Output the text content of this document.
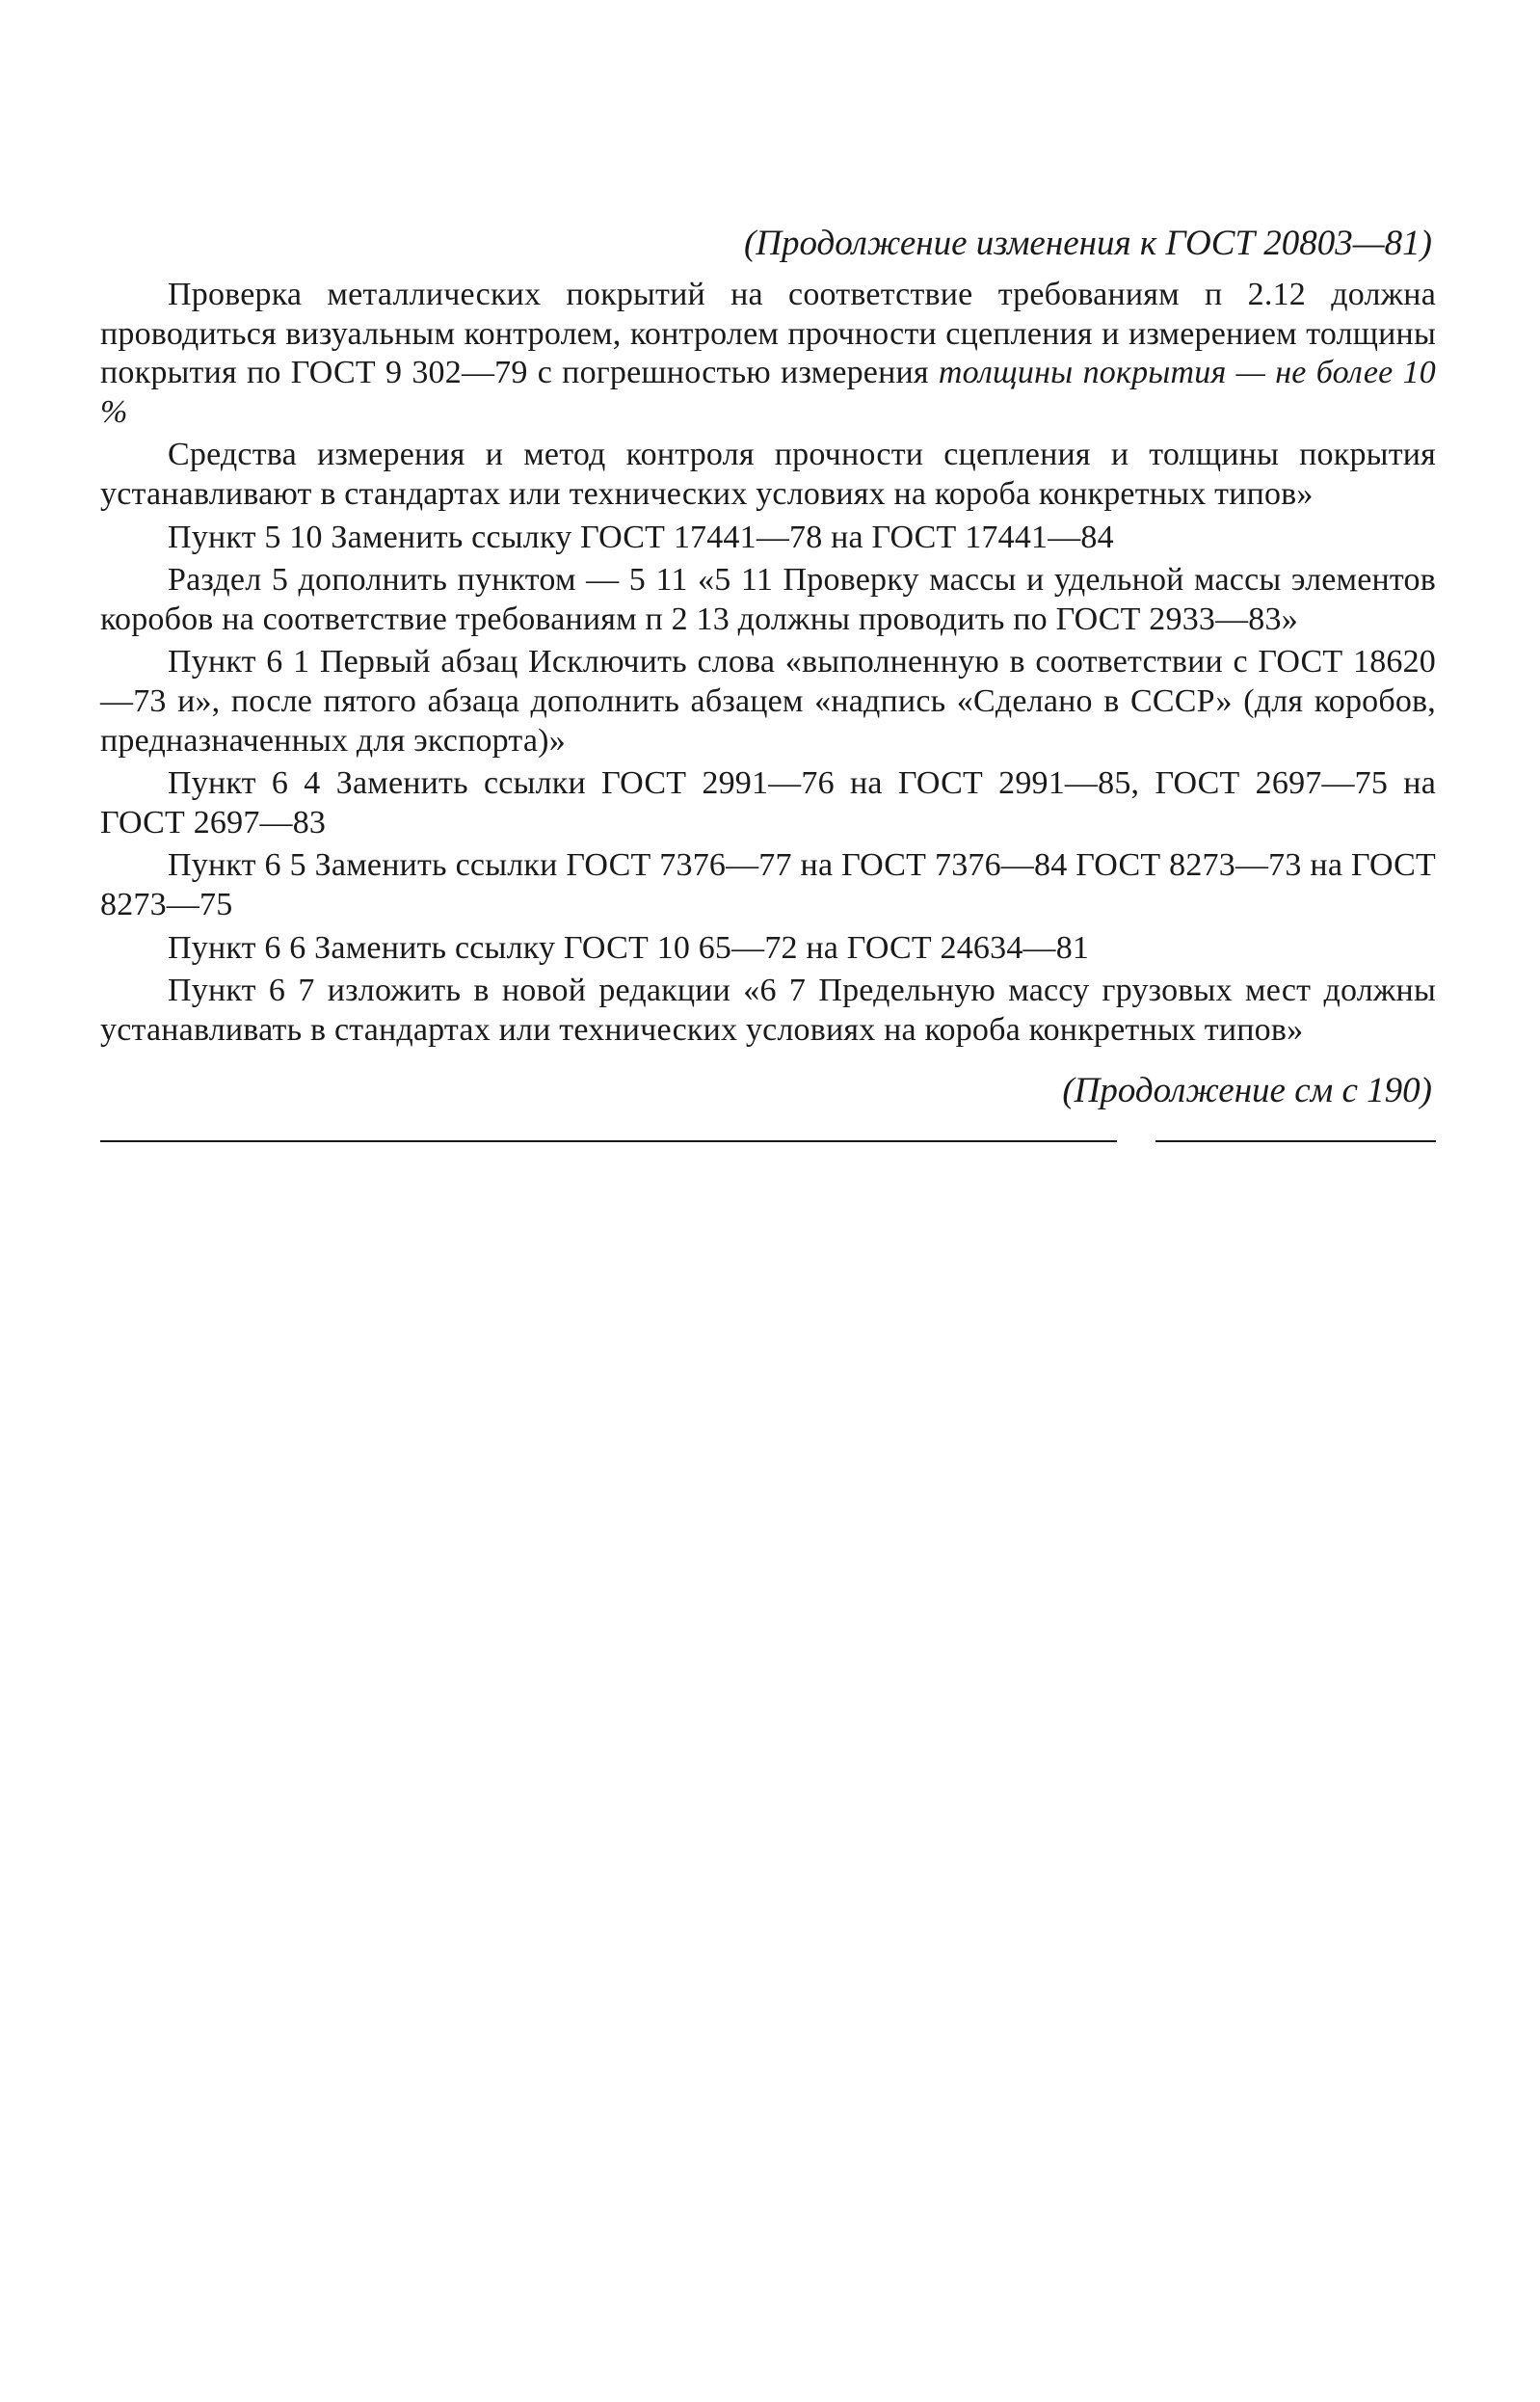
(Продолжение изменения к ГОСТ 20803—81)

Проверка металлических покрытий на соответствие требованиям п 2.12 должна проводиться визуальным контролем, контролем прочности сцепления и измерением толщины покрытия по ГОСТ 9 302—79 с погрешностью измерения толщины покрытия — не более 10 %

Средства измерения и метод контроля прочности сцепления и толщины покрытия устанавливают в стандартах или технических условиях на короба конкретных типов»

Пункт 5 10 Заменить ссылку ГОСТ 17441—78 на ГОСТ 17441—84

Раздел 5 дополнить пунктом — 5 11 «5 11 Проверку массы и удельной массы элементов коробов на соответствие требованиям п 2 13 должны проводить по ГОСТ 2933—83»

Пункт 6 1 Первый абзац Исключить слова «выполненную в соответствии с ГОСТ 18620—73 и», после пятого абзаца дополнить абзацем «надпись «Сделано в СССР» (для коробов, предназначенных для экспорта)»

Пункт 6 4 Заменить ссылки ГОСТ 2991—76 на ГОСТ 2991—85, ГОСТ 2697—75 на ГОСТ 2697—83

Пункт 6 5 Заменить ссылки ГОСТ 7376—77 на ГОСТ 7376—84 ГОСТ 8273—73 на ГОСТ 8273—75

Пункт 6 6 Заменить ссылку ГОСТ 10 65—72 на ГОСТ 24634—81

Пункт 6 7 изложить в новой редакции «6 7 Предельную массу грузовых мест должны устанавливать в стандартах или технических условиях на короба конкретных типов»

(Продолжение см с 190)
